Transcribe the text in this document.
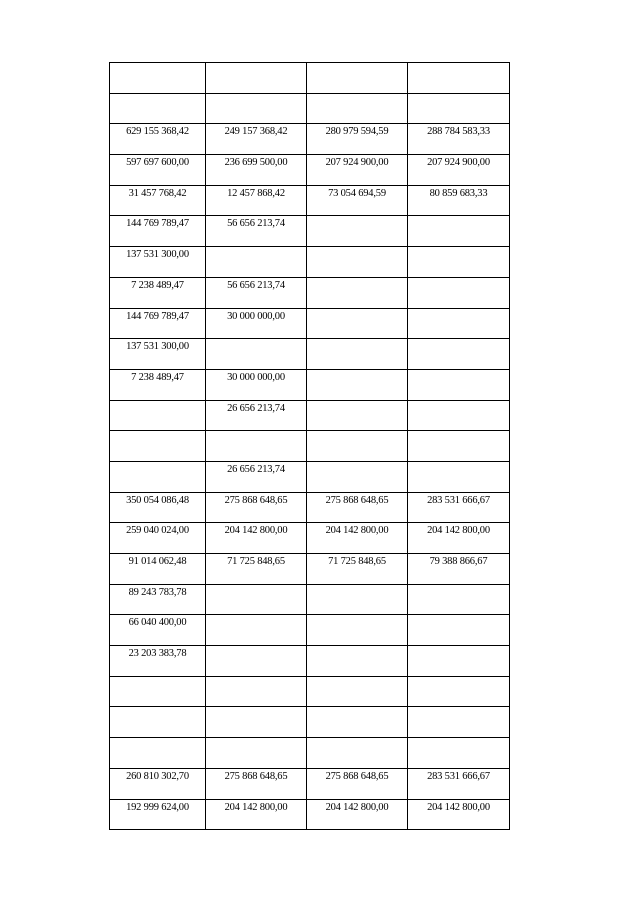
629 155 368,42	249 157 368,42	280 979 594,59	288 784 583,33

597 697 600,00	236 699 500,00	207 924 900,00	207 924 900,00

31 457 768,42	12 457 868,42	73 054 694,59	80 859 683,33

144 769 789,47	56 656 213,74		

137 531 300,00			

7 238 489,47	56 656 213,74		

144 769 789,47	30 000 000,00		

137 531 300,00			

7 238 489,47	30 000 000,00		

	26 656 213,74		

	26 656 213,74		

350 054 086,48	275 868 648,65	275 868 648,65	283 531 666,67

259 040 024,00	204 142 800,00	204 142 800,00	204 142 800,00

91 014 062,48	71 725 848,65	71 725 848,65	79 388 866,67

89 243 783,78			

66 040 400,00			

23 203 383,78			

260 810 302,70	275 868 648,65	275 868 648,65	283 531 666,67

192 999 624,00	204 142 800,00	204 142 800,00	204 142 800,00
